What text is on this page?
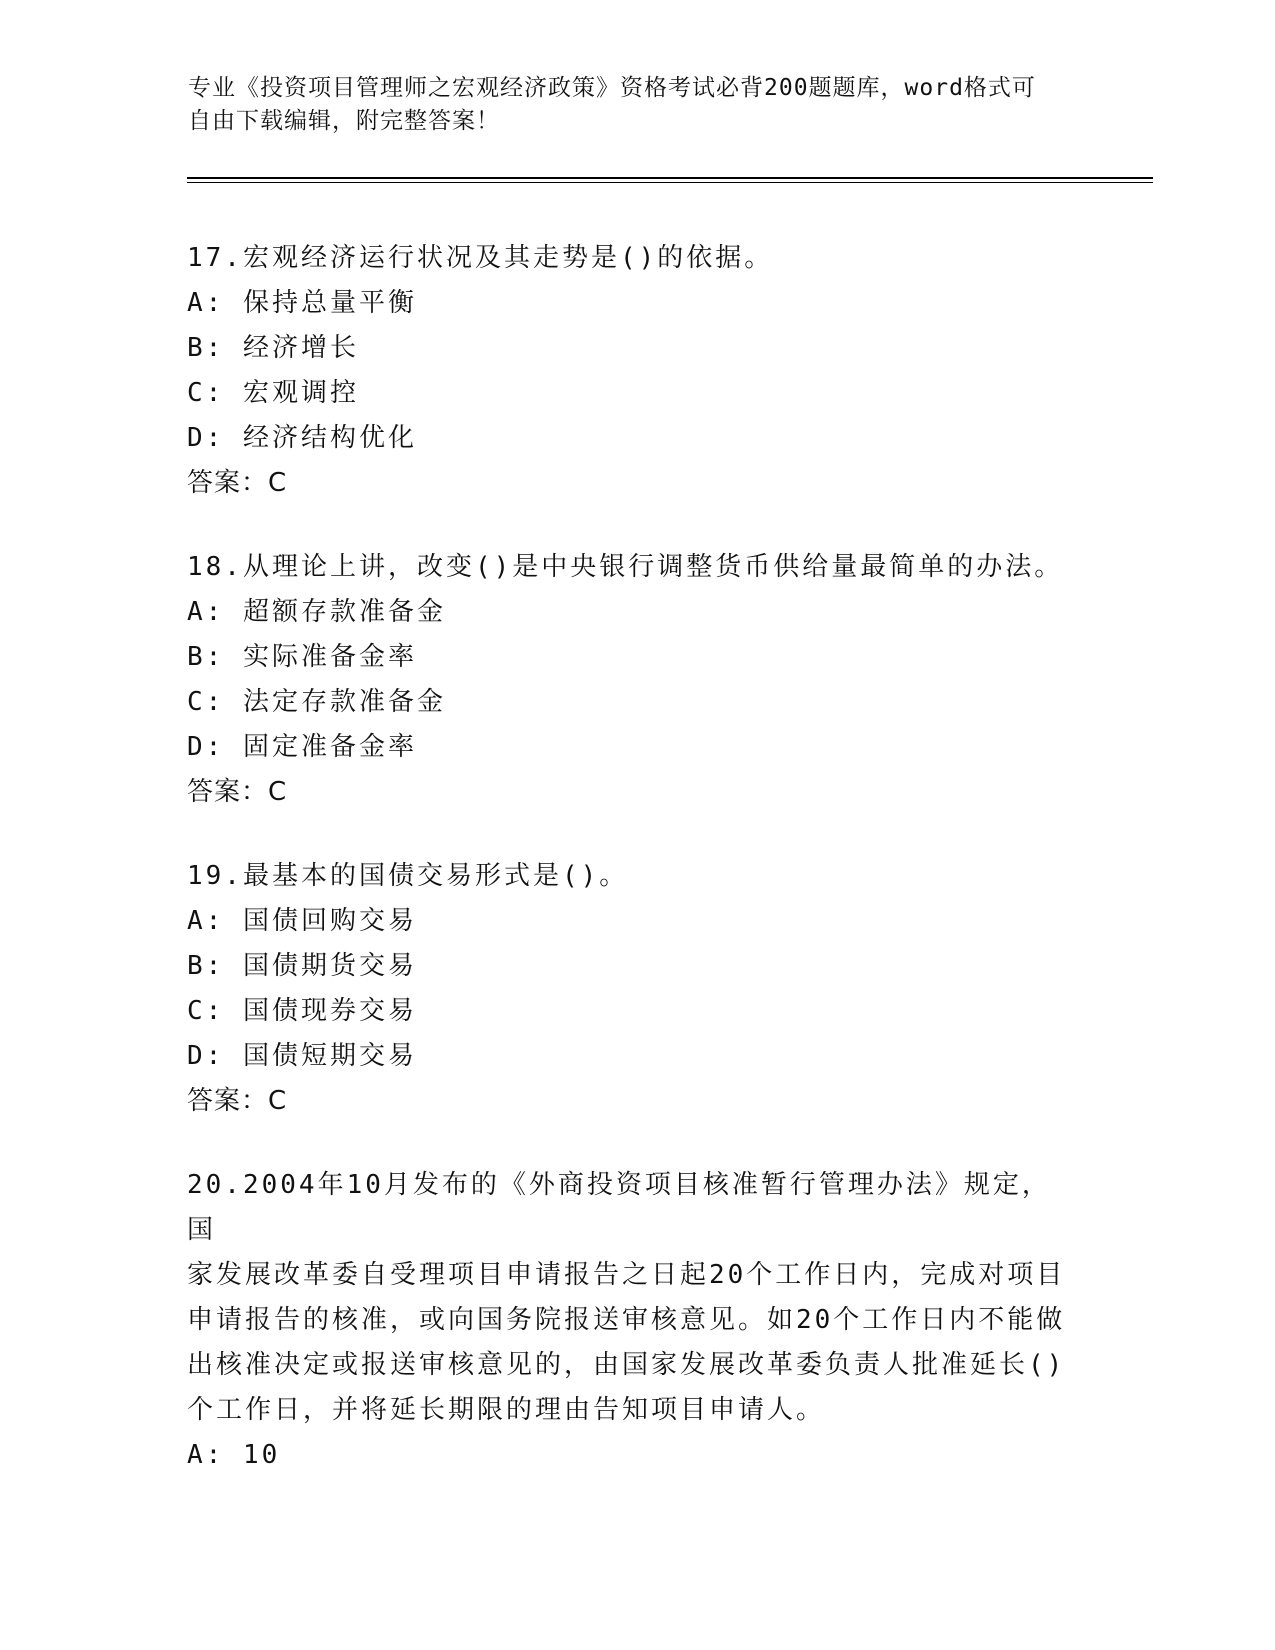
专业《投资项目管理师之宏观经济政策》资格考试必背200题题库，word格式可
自由下载编辑，附完整答案！

17.宏观经济运行状况及其走势是()的依据。

A: 保持总量平衡

B: 经济增长

C: 宏观调控

D: 经济结构优化

答案：C

18.从理论上讲，改变()是中央银行调整货币供给量最简单的办法。

A: 超额存款准备金

B: 实际准备金率

C: 法定存款准备金

D: 固定准备金率

答案：C

19.最基本的国债交易形式是()。

A: 国债回购交易

B: 国债期货交易

C: 国债现券交易

D: 国债短期交易

答案：C

20.2004年10月发布的《外商投资项目核准暂行管理办法》规定，国

家发展改革委自受理项目申请报告之日起20个工作日内，完成对项目

申请报告的核准，或向国务院报送审核意见。如20个工作日内不能做

出核准决定或报送审核意见的，由国家发展改革委负责人批准延长()

个工作日，并将延长期限的理由告知项目申请人。

A: 10
